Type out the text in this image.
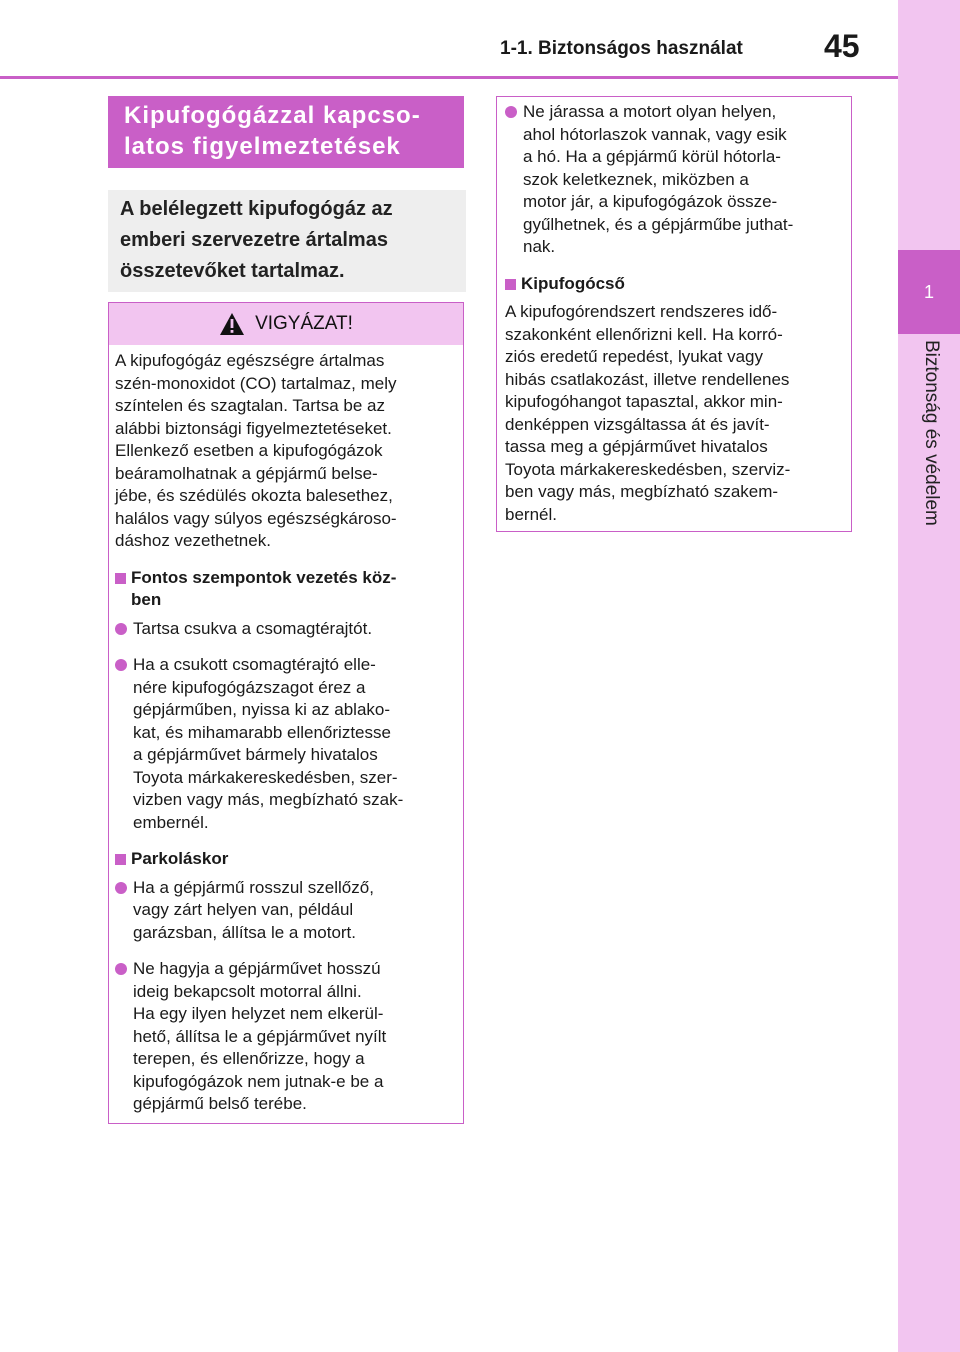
1
Biztonság és védelem
1-1. Biztonságos használat	45
Kipufogógázzal kapcso-
latos figyelmeztetések
A belélegzett kipufogógáz az
emberi szervezetre ártalmas
összetevőket tartalmaz.
VIGYÁZAT!
A kipufogógáz egészségre ártalmas
szén-monoxidot (CO) tartalmaz, mely
színtelen és szagtalan. Tartsa be az
alábbi biztonsági figyelmeztetéseket.
Ellenkező esetben a kipufogógázok
beáramolhatnak a gépjármű belse-
jébe, és szédülés okozta balesethez,
halálos vagy súlyos egészségkároso-
dáshoz vezethetnek.
Fontos szempontok vezetés köz-
ben
Tartsa csukva a csomagtérajtót.
Ha a csukott csomagtérajtó elle-
nére kipufogógázszagot érez a
gépjárműben, nyissa ki az ablako-
kat, és mihamarabb ellenőriztesse
a gépjárművet bármely hivatalos
Toyota márkakereskedésben, szer-
vizben vagy más, megbízható szak-
embernél.
Parkoláskor
Ha a gépjármű rosszul szellőző,
vagy zárt helyen van, például
garázsban, állítsa le a motort.
Ne hagyja a gépjárművet hosszú
ideig bekapcsolt motorral állni.
Ha egy ilyen helyzet nem elkerül-
hető, állítsa le a gépjárművet nyílt
terepen, és ellenőrizze, hogy a
kipufogógázok nem jutnak-e be a
gépjármű belső terébe.
Ne járassa a motort olyan helyen,
ahol hótorlaszok vannak, vagy esik
a hó. Ha a gépjármű körül hótorla-
szok keletkeznek, miközben a
motor jár, a kipufogógázok össze-
gyűlhetnek, és a gépjárműbe juthat-
nak.
Kipufogócső
A kipufogórendszert rendszeres idő-
szakonként ellenőrizni kell. Ha korró-
ziós eredetű repedést, lyukat vagy
hibás csatlakozást, illetve rendellenes
kipufogóhangot tapasztal, akkor min-
denképpen vizsgáltassa át és javít-
tassa meg a gépjárművet hivatalos
Toyota márkakereskedésben, szerviz-
ben vagy más, megbízható szakem-
bernél.
